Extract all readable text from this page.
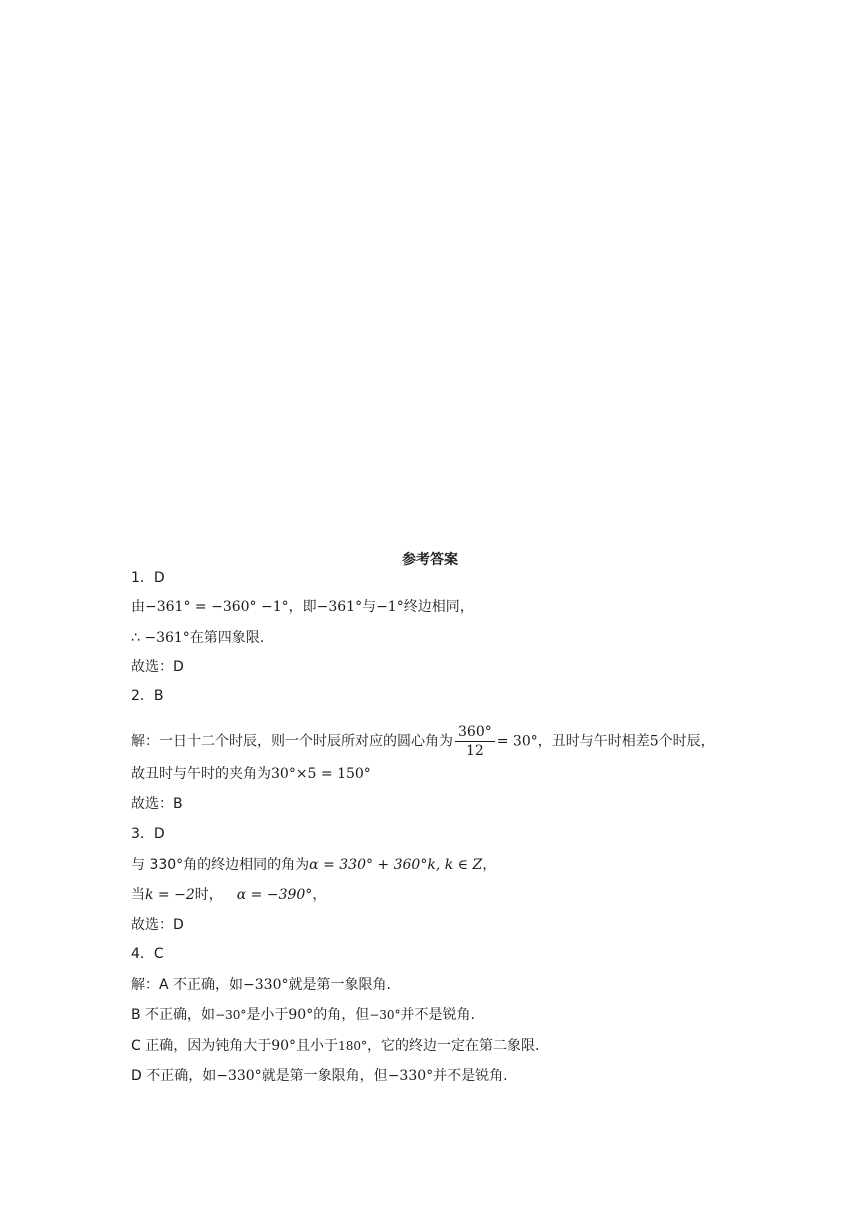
参考答案
1．D
由−361° = −360° −1°，即−361°与−1°终边相同，
∴ −361°在第四象限.
故选：D
2．B
解：一日十二个时辰，则一个时辰所对应的圆心角为 $\frac{360^\circ}{12} = 30^\circ$，丑时与午时相差5个时辰，
故丑时与午时的夹角为30°×5 = 150°
故选：B
3．D
与 330°角的终边相同的角为α = 330° + 360°k, k ∈ Z，
当k = −2时， α = −390°，
故选：D
4．C
解：A 不正确，如−330°就是第一象限角.
B 不正确，如−30°是小于90°的角，但−30°并不是锐角.
C 正确，因为钝角大于90°且小于180°，它的终边一定在第二象限.
D 不正确，如−330°就是第一象限角，但−330°并不是锐角.
